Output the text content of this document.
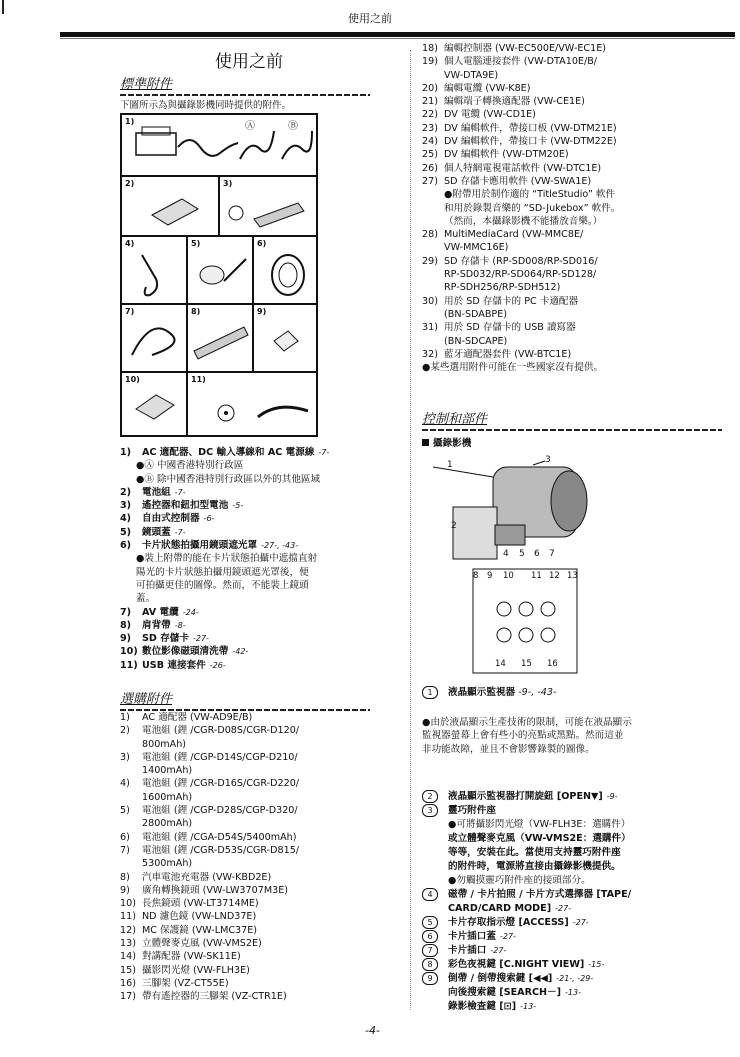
使用之前
使用之前
標準附件
下圖所示為與攝錄影機同時提供的附件。
1)	Ⓐ	Ⓑ
2)	3)
4)	5)	6)
7)	8)	9)
10)	11)
1) AC 適配器、DC 輸入導線和 AC 電源線 -7-
●Ⓐ 中國香港特別行政區
●Ⓑ 除中國香港特別行政區以外的其他區域
2) 電池組 -7-
3) 遙控器和鈕扣型電池 -5-
4) 自由式控制器 -6-
5) 鏡頭蓋 -7-
6) 卡片狀態拍攝用鏡頭遮光罩 -27-, -43-
●裝上附帶的能在卡片狀態拍攝中遮擋直射
陽光的卡片狀態拍攝用鏡頭遮光罩後，便
可拍攝更佳的圖像。然而，不能裝上鏡頭
蓋。
7) AV 電纜 -24-
8) 肩背帶 -8-
9) SD 存儲卡 -27-
10) 數位影像磁頭清洗帶 -42-
11) USB 連接套件 -26-
選購附件
1) AC 適配器 (VW-AD9E/B)
2) 電池組 (鋰 /CGR-D08S/CGR-D120/
800mAh)
3) 電池組 (鋰 /CGP-D14S/CGP-D210/
1400mAh)
4) 電池組 (鋰 /CGR-D16S/CGR-D220/
1600mAh)
5) 電池組 (鋰 /CGP-D28S/CGP-D320/
2800mAh)
6) 電池組 (鋰 /CGA-D54S/5400mAh)
7) 電池組 (鋰 /CGR-D53S/CGR-D815/
5300mAh)
8) 汽車電池充電器 (VW-KBD2E)
9) 廣角轉換鏡頭 (VW-LW3707M3E)
10) 長焦鏡頭 (VW-LT3714ME)
11) ND 濾色鏡 (VW-LND37E)
12) MC 保護鏡 (VW-LMC37E)
13) 立體聲麥克風 (VW-VMS2E)
14) 對講配器 (VW-SK11E)
15) 攝影閃光燈 (VW-FLH3E)
16) 三腳架 (VZ-CT55E)
17) 帶有遙控器的三腳架 (VZ-CTR1E)
18) 編輯控制器 (VW-EC500E/VW-EC1E)
19) 個人電腦連接套件 (VW-DTA10E/B/
VW-DTA9E)
20) 編輯電纜 (VW-K8E)
21) 編輯端子轉換適配器 (VW-CE1E)
22) DV 電纜 (VW-CD1E)
23) DV 編輯軟件，帶接口板 (VW-DTM21E)
24) DV 編輯軟件，帶接口卡 (VW-DTM22E)
25) DV 編輯軟件 (VW-DTM20E)
26) 個人特網電視電話軟件 (VW-DTC1E)
27) SD 存儲卡應用軟件 (VW-SWA1E)
●附帶用於制作適的 “TitleStudio” 軟件
和用於錄製音樂的 “SD-Jukebox” 軟件。
（然而，本攝錄影機不能播放音樂。）
28) MultiMediaCard (VW-MMC8E/
VW-MMC16E)
29) SD 存儲卡 (RP-SD008/RP-SD016/
RP-SD032/RP-SD064/RP-SD128/
RP-SDH256/RP-SDH512)
30) 用於 SD 存儲卡的 PC 卡適配器
(BN-SDABPE)
31) 用於 SD 存儲卡的 USB 讀寫器
(BN-SDCAPE)
32) 藍牙適配器套件 (VW-BTC1E)
●某些選用附件可能在一些國家沒有提供。
控制和部件
攝錄影機
1
2
3
4 5 6 7
8 9 10 11 12 13
14 15 16
1 液晶顯示監視器 -9-, -43-
●由於液晶顯示生產技術的限制，可能在液晶顯示
監視器螢幕上會有些小的亮點或黑點。然而這並
非功能故障，並且不會影響錄製的圖像。
2 液晶顯示監視器打開旋鈕 [OPEN▼] -9-
3 靈巧附件座
●可將攝影閃光燈（VW-FLH3E：選購件）
或立體聲麥克風（VW-VMS2E：選購件）
等等，安裝在此。當使用支持靈巧附件座
的附件時，電源將直接由攝錄影機提供。
●勿觸摸靈巧附件座的接頭部分。
4 磁帶 / 卡片拍照 / 卡片方式選擇器 [TAPE/
CARD/CARD MODE] -27-
5 卡片存取指示燈 [ACCESS] -27-
6 卡片插口蓋 -27-
7 卡片插口 -27-
8 彩色夜視鍵 [C.NIGHT VIEW] -15-
9 倒帶 / 倒帶搜索鍵 [◀◀] -21-, -29-
向後搜索鍵 [SEARCH－] -13-
錄影檢查鍵 [⊡] -13-
-4-
